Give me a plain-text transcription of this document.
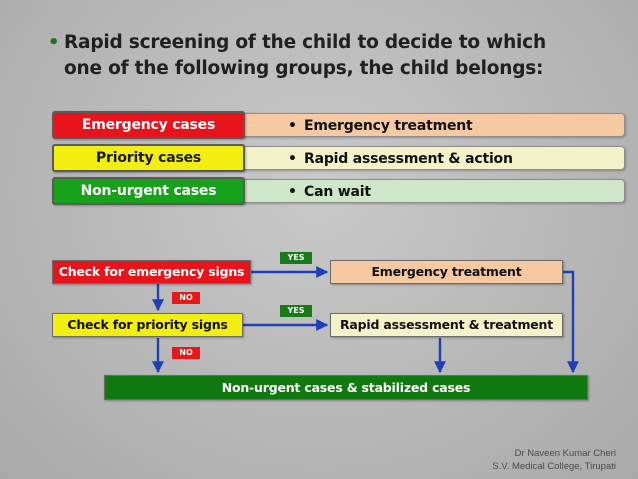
• Rapid screening of the child to decide to which
one of the following groups, the child belongs:
• Emergency treatment
Emergency cases
• Rapid assessment & action
Priority cases
• Can wait
Non-urgent cases
Check for emergency signs	Emergency treatment
Check for priority signs	Rapid assessment & treatment
Non-urgent cases & stabilized cases
YES
YES
NO
NO
Dr Naveen Kumar Cheri
S.V. Medical College, Tirupati
